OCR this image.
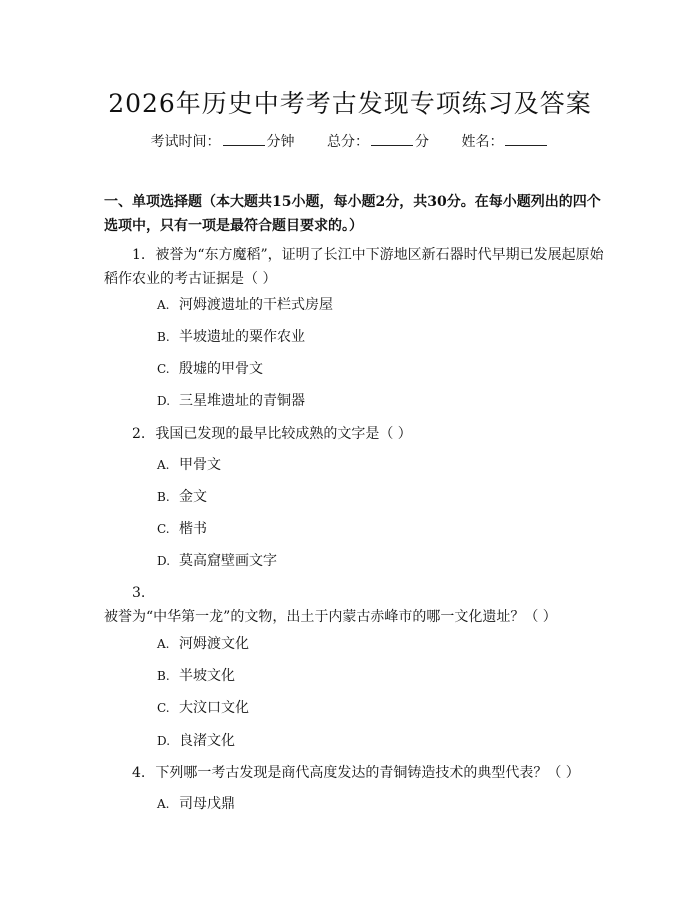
2026年历史中考考古发现专项练习及答案
考试时间：	分钟 总分：	分 姓名：
一、单项选择题（本大题共15小题，每小题2分，共30分。在每小题列出的四个选项中，只有一项是最符合题目要求的。）
1. 被誉为“东方魔稻”，证明了长江中下游地区新石器时代早期已发展起原始稻作农业的考古证据是（ ）
A. 河姆渡遗址的干栏式房屋
B. 半坡遗址的粟作农业
C. 殷墟的甲骨文
D. 三星堆遗址的青铜器
2. 我国已发现的最早比较成熟的文字是（ ）
A. 甲骨文
B. 金文
C. 楷书
D. 莫高窟壁画文字
3.被誉为“中华第一龙”的文物，出土于内蒙古赤峰市的哪一文化遗址？（ ）
A. 河姆渡文化
B. 半坡文化
C. 大汶口文化
D. 良渚文化
4. 下列哪一考古发现是商代高度发达的青铜铸造技术的典型代表？（ ）
A. 司母戊鼎
